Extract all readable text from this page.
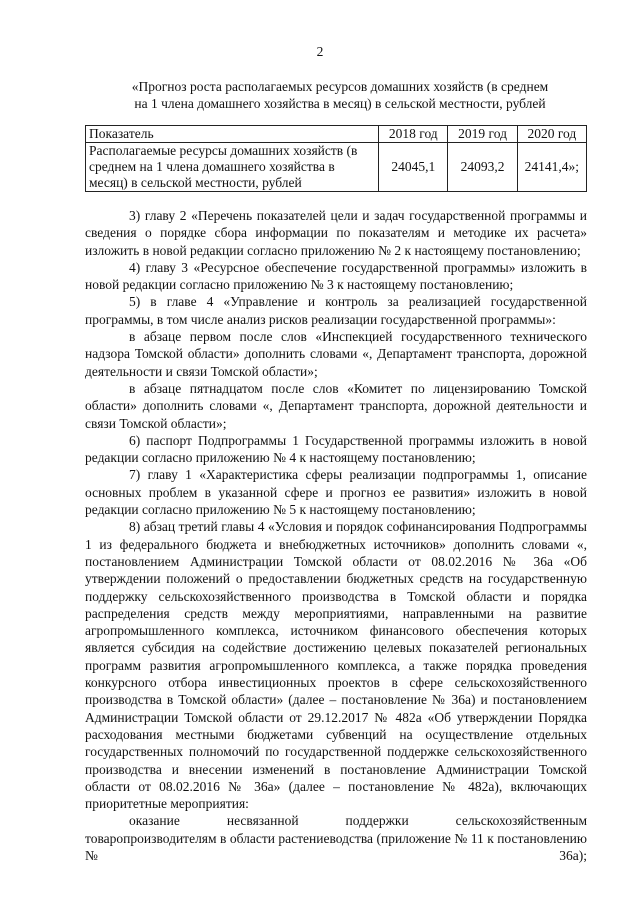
2
«Прогноз роста располагаемых ресурсов домашних хозяйств (в среднем
на 1 члена домашнего хозяйства в месяц) в сельской местности, рублей
Показатель	2018 год	2019 год	2020 год
Располагаемые ресурсы домашних хозяйств (в среднем на 1 члена домашнего хозяйства в месяц) в сельской местности, рублей	24045,1	24093,2	24141,4»;

3) главу 2 «Перечень показателей цели и задач государственной программы и сведения о порядке сбора информации по показателям и методике их расчета» изложить в новой редакции согласно приложению № 2 к настоящему постановлению;

4) главу 3 «Ресурсное обеспечение государственной программы» изложить в новой редакции согласно приложению № 3 к настоящему постановлению;

5) в главе 4 «Управление и контроль за реализацией государственной программы, в том числе анализ рисков реализации государственной программы»:

в абзаце первом после слов «Инспекцией государственного технического надзора Томской области» дополнить словами «, Департамент транспорта, дорожной деятельности и связи Томской области»;

в абзаце пятнадцатом после слов «Комитет по лицензированию Томской области» дополнить словами «, Департамент транспорта, дорожной деятельности и связи Томской области»;

6) паспорт Подпрограммы 1 Государственной программы изложить в новой редакции согласно приложению № 4 к настоящему постановлению;

7) главу 1 «Характеристика сферы реализации подпрограммы 1, описание основных проблем в указанной сфере и прогноз ее развития» изложить в новой редакции согласно приложению № 5 к настоящему постановлению;

8) абзац третий главы 4 «Условия и порядок софинансирования Подпрограммы 1 из федерального бюджета и внебюджетных источников» дополнить словами «, постановлением Администрации Томской области от 08.02.2016 № 36а «Об утверждении положений о предоставлении бюджетных средств на государственную поддержку сельскохозяйственного производства в Томской области и порядка распределения средств между мероприятиями, направленными на развитие агропромышленного комплекса, источником финансового обеспечения которых является субсидия на содействие достижению целевых показателей региональных программ развития агропромышленного комплекса, а также порядка проведения конкурсного отбора инвестиционных проектов в сфере сельскохозяйственного производства в Томской области» (далее – постановление № 36а) и постановлением Администрации Томской области от 29.12.2017 № 482а «Об утверждении Порядка расходования местными бюджетами субвенций на осуществление отдельных государственных полномочий по государственной поддержке сельскохозяйственного производства и внесении изменений в постановление Администрации Томской области от 08.02.2016 № 36а» (далее – постановление № 482а), включающих приоритетные мероприятия:

оказание несвязанной поддержки сельскохозяйственным товаропроизводителям в области растениеводства (приложение № 11 к постановлению № 36а);
